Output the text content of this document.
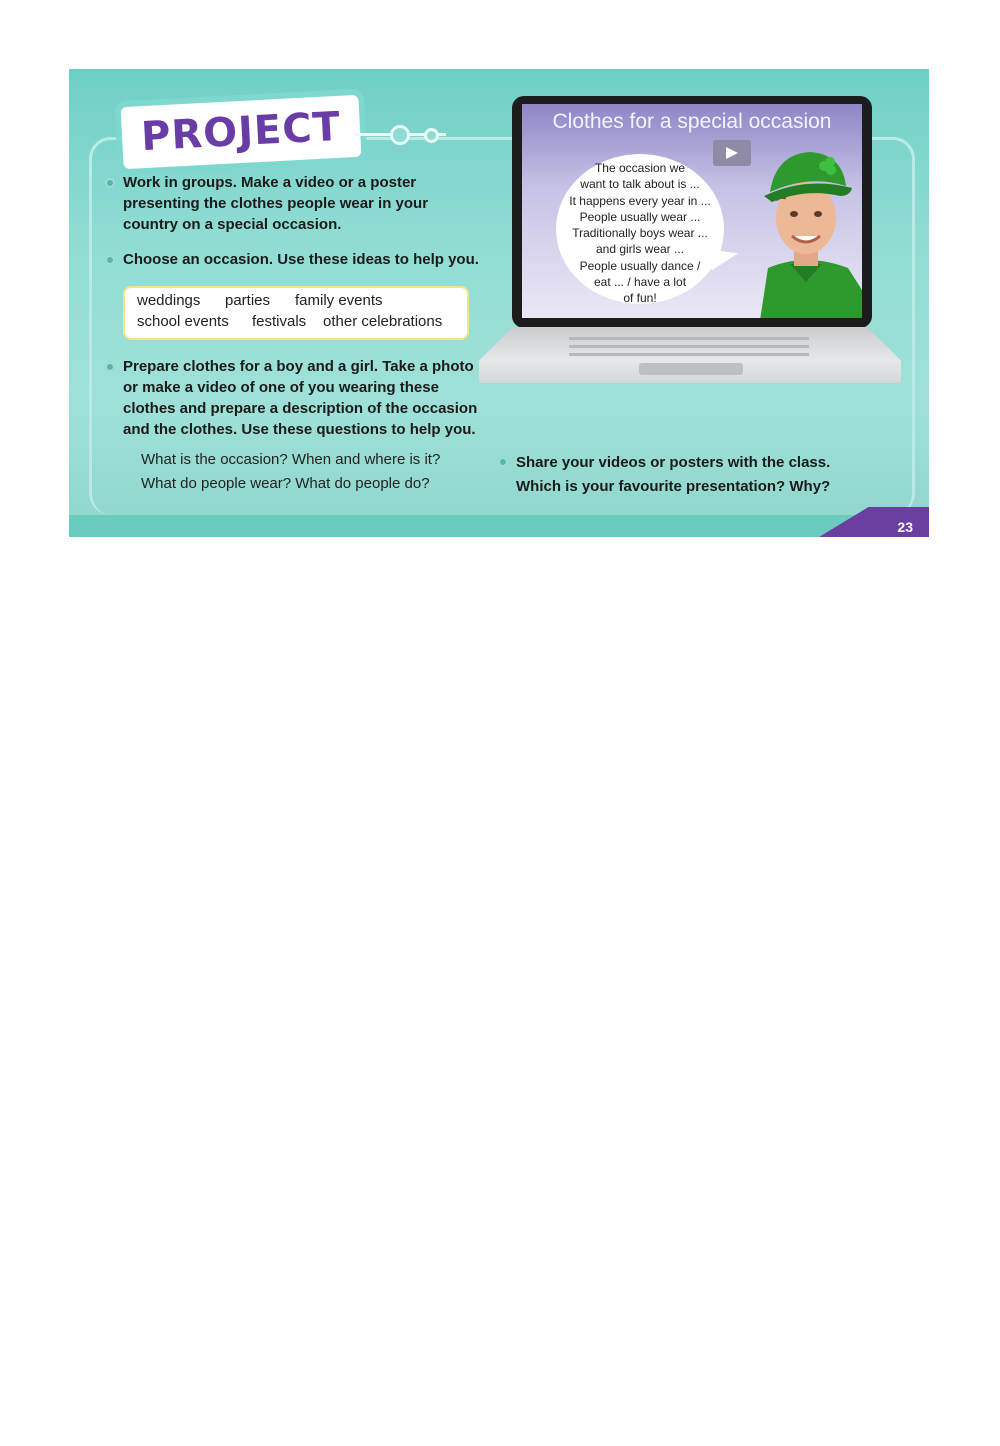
23
PROJECT
Work in groups. Make a video or a poster
presenting the clothes people wear in your
country on a special occasion.
Choose an occasion. Use these ideas to help you.
weddings parties family events
school events festivals other celebrations
Prepare clothes for a boy and a girl. Take a photo
or make a video of one of you wearing these
clothes and prepare a description of the occasion
and the clothes. Use these questions to help you.
What is the occasion? When and where is it?
What do people wear? What do people do?
Clothes for a special occasion
The occasion we
want to talk about is ...
It happens every year in ...
People usually wear ...
Traditionally boys wear ...
and girls wear ...
People usually dance /
eat ... / have a lot
of fun!
Share your videos or posters with the class.
Which is your favourite presentation? Why?
